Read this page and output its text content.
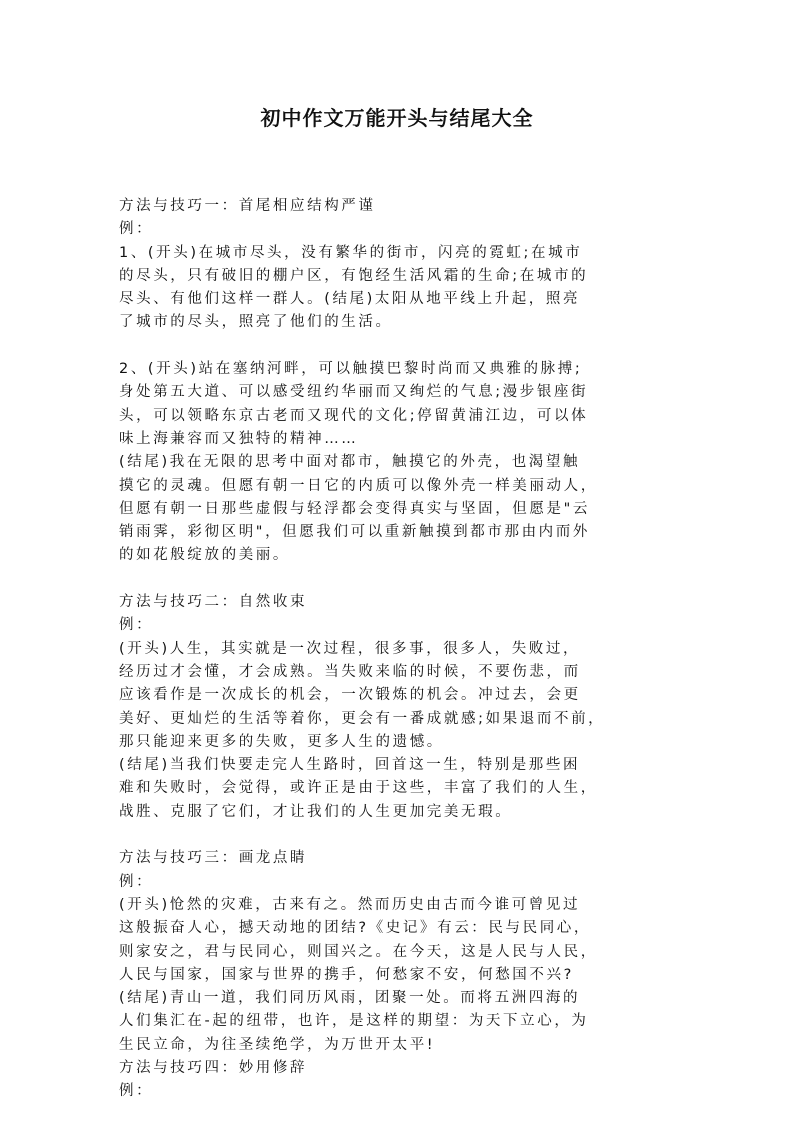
初中作文万能开头与结尾大全
方法与技巧一：首尾相应结构严谨
例：
1、(开头)在城市尽头，没有繁华的街市，闪亮的霓虹;在城市
的尽头，只有破旧的棚户区，有饱经生活风霜的生命;在城市的
尽头、有他们这样一群人。(结尾)太阳从地平线上升起，照亮
了城市的尽头，照亮了他们的生活。
2、(开头)站在塞纳河畔，可以触摸巴黎时尚而又典雅的脉搏;
身处第五大道、可以感受纽约华丽而又绚烂的气息;漫步银座街
头，可以领略东京古老而又现代的文化;停留黄浦江边，可以体
味上海兼容而又独特的精神……
(结尾)我在无限的思考中面对都市，触摸它的外壳，也渴望触
摸它的灵魂。但愿有朝一日它的内质可以像外壳一样美丽动人，
但愿有朝一日那些虚假与轻浮都会变得真实与坚固，但愿是"云
销雨霁，彩彻区明"，但愿我们可以重新触摸到都市那由内而外
的如花般绽放的美丽。
方法与技巧二：自然收束
例：
(开头)人生，其实就是一次过程，很多事，很多人，失败过，
经历过才会懂，才会成熟。当失败来临的时候，不要伤悲，而
应该看作是一次成长的机会，一次锻炼的机会。冲过去，会更
美好、更灿烂的生活等着你，更会有一番成就感;如果退而不前，
那只能迎来更多的失败，更多人生的遗憾。
(结尾)当我们快要走完人生路时，回首这一生，特别是那些困
难和失败时，会觉得，或许正是由于这些，丰富了我们的人生，
战胜、克服了它们，才让我们的人生更加完美无瑕。
方法与技巧三：画龙点睛
例：
(开头)怆然的灾难，古来有之。然而历史由古而今谁可曾见过
这般振奋人心，撼天动地的团结?《史记》有云：民与民同心，
则家安之，君与民同心，则国兴之。在今天，这是人民与人民，
人民与国家，国家与世界的携手，何愁家不安，何愁国不兴?
(结尾)青山一道，我们同历风雨，团聚一处。而将五洲四海的
人们集汇在-起的纽带，也许，是这样的期望：为天下立心，为
生民立命，为往圣续绝学，为万世开太平!
方法与技巧四：妙用修辞
例：
